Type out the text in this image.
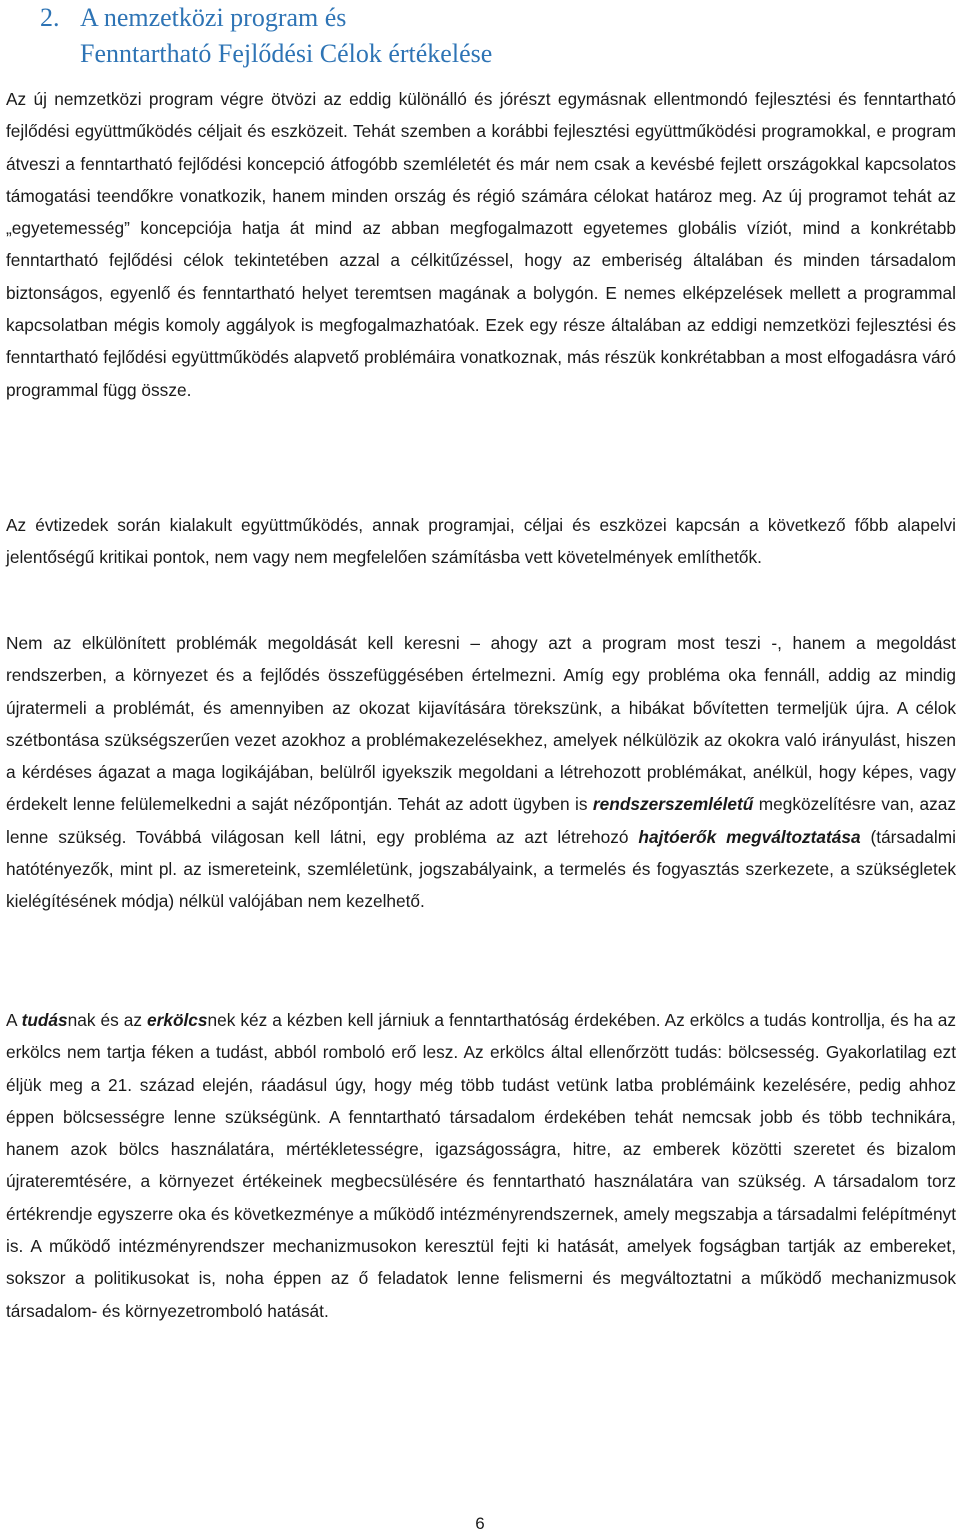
2. A nemzetközi program és
Fenntartható Fejlődési Célok értékelése

Az új nemzetközi program végre ötvözi az eddig különálló és jórészt egymásnak ellentmondó fejlesztési és fenntartható fejlődési együttműködés céljait és eszközeit. Tehát szemben a korábbi fejlesztési együttműködési programokkal, e program átveszi a fenntartható fejlődési koncepció átfogóbb szemléletét és már nem csak a kevésbé fejlett országokkal kapcsolatos támogatási teendőkre vonatkozik, hanem minden ország és régió számára célokat határoz meg. Az új programot tehát az „egyetemesség” koncepciója hatja át mind az abban megfogalmazott egyetemes globális víziót, mind a konkrétabb fenntartható fejlődési célok tekintetében azzal a célkitűzéssel, hogy az emberiség általában és minden társadalom biztonságos, egyenlő és fenntartható helyet teremtsen magának a bolygón. E nemes elképzelések mellett a programmal kapcsolatban mégis komoly aggályok is megfogalmazhatóak. Ezek egy része általában az eddigi nemzetközi fejlesztési és fenntartható fejlődési együttműködés alapvető problémáira vonatkoznak, más részük konkrétabban a most elfogadásra váró programmal függ össze.

Az évtizedek során kialakult együttműködés, annak programjai, céljai és eszközei kapcsán a következő főbb alapelvi jelentőségű kritikai pontok, nem vagy nem megfelelően számításba vett követelmények említhetők.

Nem az elkülönített problémák megoldását kell keresni – ahogy azt a program most teszi -, hanem a megoldást rendszerben, a környezet és a fejlődés összefüggésében értelmezni. Amíg egy probléma oka fennáll, addig az mindig újratermeli a problémát, és amennyiben az okozat kijavítására törekszünk, a hibákat bővítetten termeljük újra. A célok szétbontása szükségszerűen vezet azokhoz a problémakezelésekhez, amelyek nélkülözik az okokra való irányulást, hiszen a kérdéses ágazat a maga logikájában, belülről igyekszik megoldani a létrehozott problémákat, anélkül, hogy képes, vagy érdekelt lenne felülemelkedni a saját nézőpontján. Tehát az adott ügyben is rendszerszemléletű megközelítésre van, azaz lenne szükség. Továbbá világosan kell látni, egy probléma az azt létrehozó hajtóerők megváltoztatása (társadalmi hatótényezők, mint pl. az ismereteink, szemléletünk, jogszabályaink, a termelés és fogyasztás szerkezete, a szükségletek kielégítésének módja) nélkül valójában nem kezelhető.

A tudásnak és az erkölcsnek kéz a kézben kell járniuk a fenntarthatóság érdekében. Az erkölcs a tudás kontrollja, és ha az erkölcs nem tartja féken a tudást, abból romboló erő lesz. Az erkölcs által ellenőrzött tudás: bölcsesség. Gyakorlatilag ezt éljük meg a 21. század elején, ráadásul úgy, hogy még több tudást vetünk latba problémáink kezelésére, pedig ahhoz éppen bölcsességre lenne szükségünk. A fenntartható társadalom érdekében tehát nemcsak jobb és több technikára, hanem azok bölcs használatára, mértékletességre, igazságosságra, hitre, az emberek közötti szeretet és bizalom újrateremtésére, a környezet értékeinek megbecsülésére és fenntartható használatára van szükség. A társadalom torz értékrendje egyszerre oka és következménye a működő intézményrendszernek, amely megszabja a társadalmi felépítményt is. A működő intézményrendszer mechanizmusokon keresztül fejti ki hatását, amelyek fogságban tartják az embereket, sokszor a politikusokat is, noha éppen az ő feladatok lenne felismerni és megváltoztatni a működő mechanizmusok társadalom- és környezetromboló hatását.

6
